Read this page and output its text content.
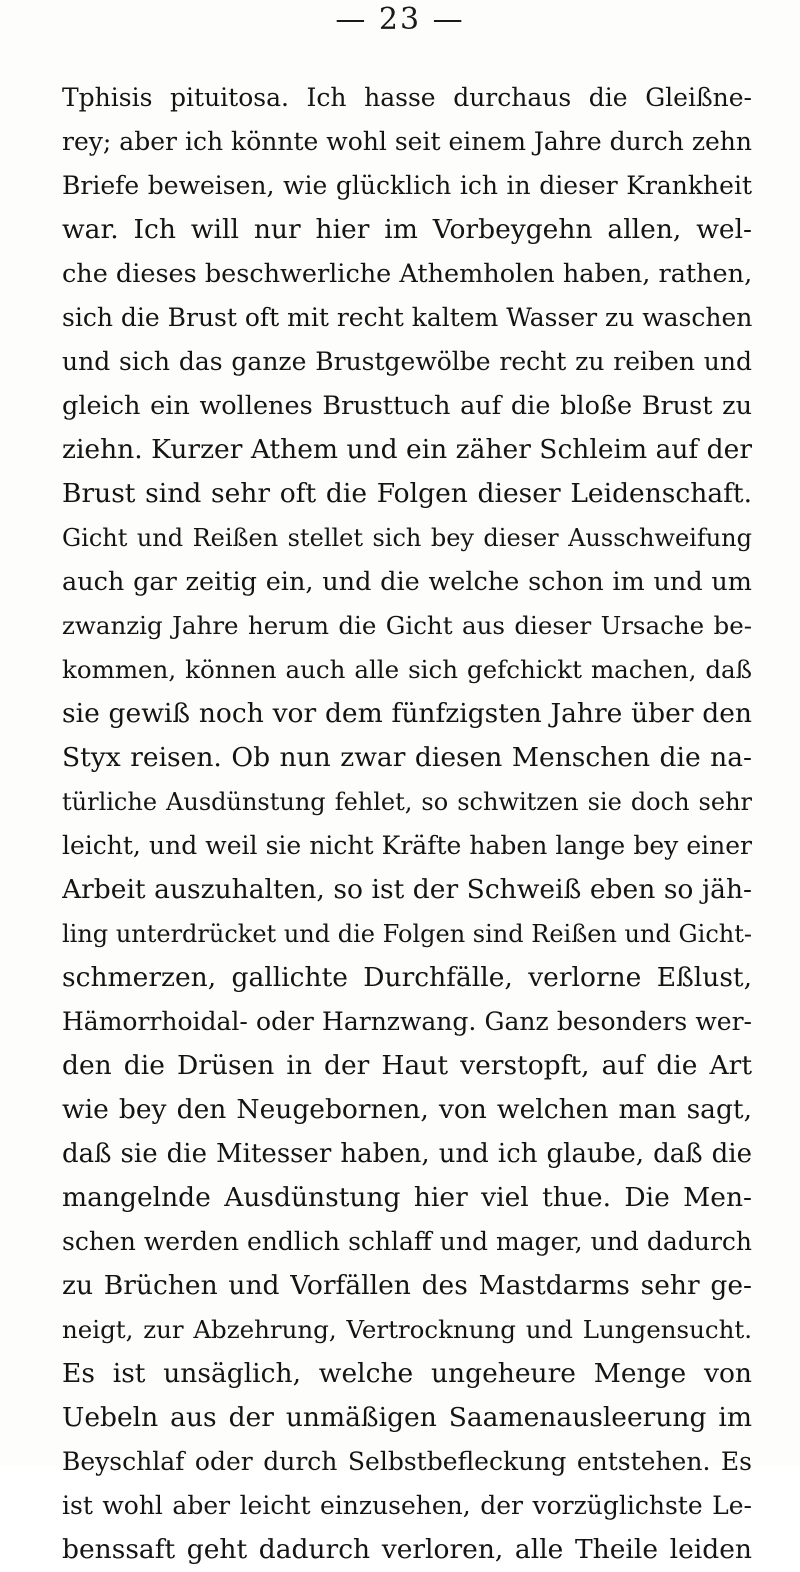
— 23 —
Tphisis pituitosa. Ich hasse durchaus die Gleißne-
rey; aber ich könnte wohl seit einem Jahre durch zehn
Briefe beweisen, wie glücklich ich in dieser Krankheit
war. Ich will nur hier im Vorbeygehn allen, wel-
che dieses beschwerliche Athemholen haben, rathen,
sich die Brust oft mit recht kaltem Wasser zu waschen
und sich das ganze Brustgewölbe recht zu reiben und
gleich ein wollenes Brusttuch auf die bloße Brust zu
ziehn. Kurzer Athem und ein zäher Schleim auf der
Brust sind sehr oft die Folgen dieser Leidenschaft.
Gicht und Reißen stellet sich bey dieser Ausschweifung
auch gar zeitig ein, und die welche schon im und um
zwanzig Jahre herum die Gicht aus dieser Ursache be-
kommen, können auch alle sich gefchickt machen, daß
sie gewiß noch vor dem fünfzigsten Jahre über den
Styx reisen. Ob nun zwar diesen Menschen die na-
türliche Ausdünstung fehlet, so schwitzen sie doch sehr
leicht, und weil sie nicht Kräfte haben lange bey einer
Arbeit auszuhalten, so ist der Schweiß eben so jäh-
ling unterdrücket und die Folgen sind Reißen und Gicht-
schmerzen, gallichte Durchfälle, verlorne Eßlust,
Hämorrhoidal- oder Harnzwang. Ganz besonders wer-
den die Drüsen in der Haut verstopft, auf die Art
wie bey den Neugebornen, von welchen man sagt,
daß sie die Mitesser haben, und ich glaube, daß die
mangelnde Ausdünstung hier viel thue. Die Men-
schen werden endlich schlaff und mager, und dadurch
zu Brüchen und Vorfällen des Mastdarms sehr ge-
neigt, zur Abzehrung, Vertrocknung und Lungensucht.
Es ist unsäglich, welche ungeheure Menge von
Uebeln aus der unmäßigen Saamenausleerung im
Beyschlaf oder durch Selbstbefleckung entstehen. Es
ist wohl aber leicht einzusehen, der vorzüglichste Le-
benssaft geht dadurch verloren, alle Theile leiden
